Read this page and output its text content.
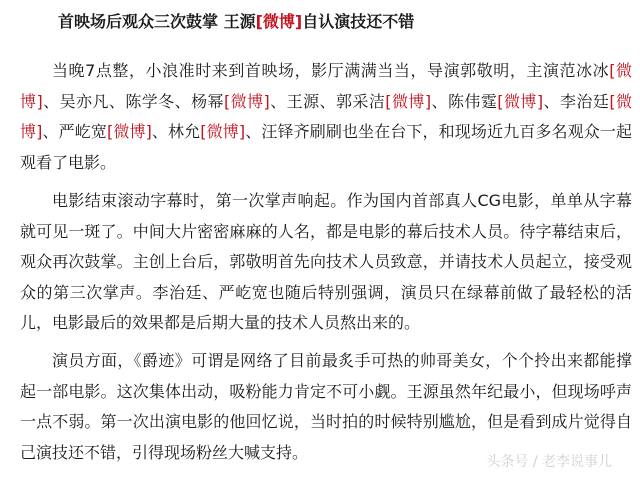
首映场后观众三次鼓掌 王源[微博]自认演技还不错

当晚7点整，小浪准时来到首映场，影厅满满当当，导演郭敬明，主演范冰冰[微博]、吴亦凡、陈学冬、杨幂[微博]、王源、郭采洁[微博]、陈伟霆[微博]、李治廷[微博]、严屹宽[微博]、林允[微博]、汪铎齐刷刷也坐在台下，和现场近九百多名观众一起观看了电影。

电影结束滚动字幕时，第一次掌声响起。作为国内首部真人CG电影，单单从字幕就可见一斑了。中间大片密密麻麻的人名，都是电影的幕后技术人员。待字幕结束后，观众再次鼓掌。主创上台后，郭敬明首先向技术人员致意，并请技术人员起立，接受观众的第三次掌声。李治廷、严屹宽也随后特别强调，演员只在绿幕前做了最轻松的活儿，电影最后的效果都是后期大量的技术人员熬出来的。

演员方面，《爵迹》可谓是网络了目前最炙手可热的帅哥美女，个个拎出来都能撑起一部电影。这次集体出动，吸粉能力肯定不可小觑。王源虽然年纪最小，但现场呼声一点不弱。第一次出演电影的他回忆说，当时拍的时候特别尴尬，但是看到成片觉得自己演技还不错，引得现场粉丝大喊支持。

头条号 / 老李说事儿
